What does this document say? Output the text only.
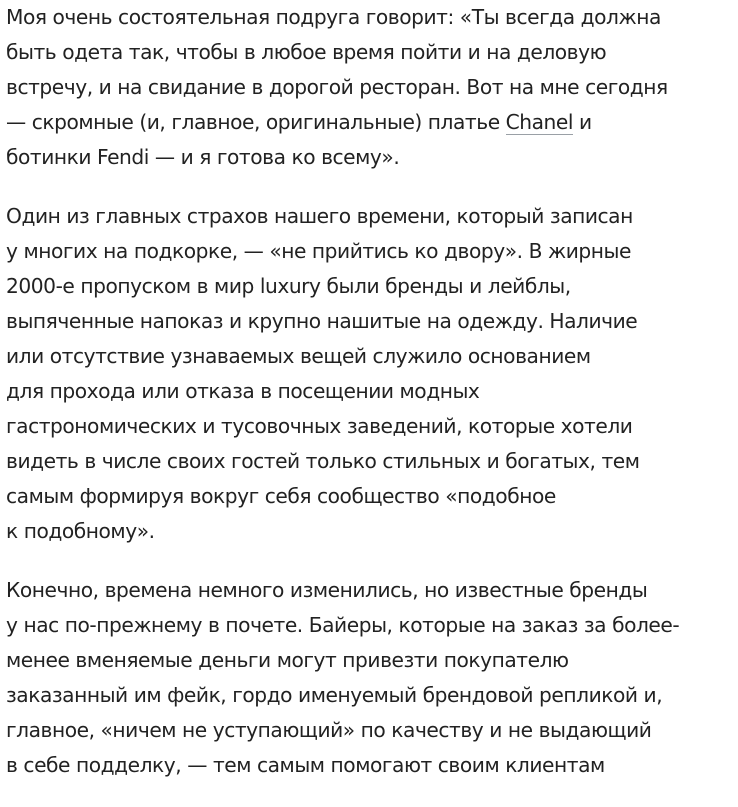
Моя очень состоятельная подруга говорит: «Ты всегда должна
быть одета так, чтобы в любое время пойти и на деловую
встречу, и на свидание в дорогой ресторан. Вот на мне сегодня
— скромные (и, главное, оригинальные) платье Chanel и
ботинки Fendi — и я готова ко всему».

Один из главных страхов нашего времени, который записан
у многих на подкорке, — «не прийтись ко двору». В жирные
2000-е пропуском в мир luxury были бренды и лейблы,
выпяченные напоказ и крупно нашитые на одежду. Наличие
или отсутствие узнаваемых вещей служило основанием
для прохода или отказа в посещении модных
гастрономических и тусовочных заведений, которые хотели
видеть в числе своих гостей только стильных и богатых, тем
самым формируя вокруг себя сообщество «подобное
к подобному».

Конечно, времена немного изменились, но известные бренды
у нас по-прежнему в почете. Байеры, которые на заказ за более-
менее вменяемые деньги могут привезти покупателю
заказанный им фейк, гордо именуемый брендовой репликой и,
главное, «ничем не уступающий» по качеству и не выдающий
в себе подделку, — тем самым помогают своим клиентам
